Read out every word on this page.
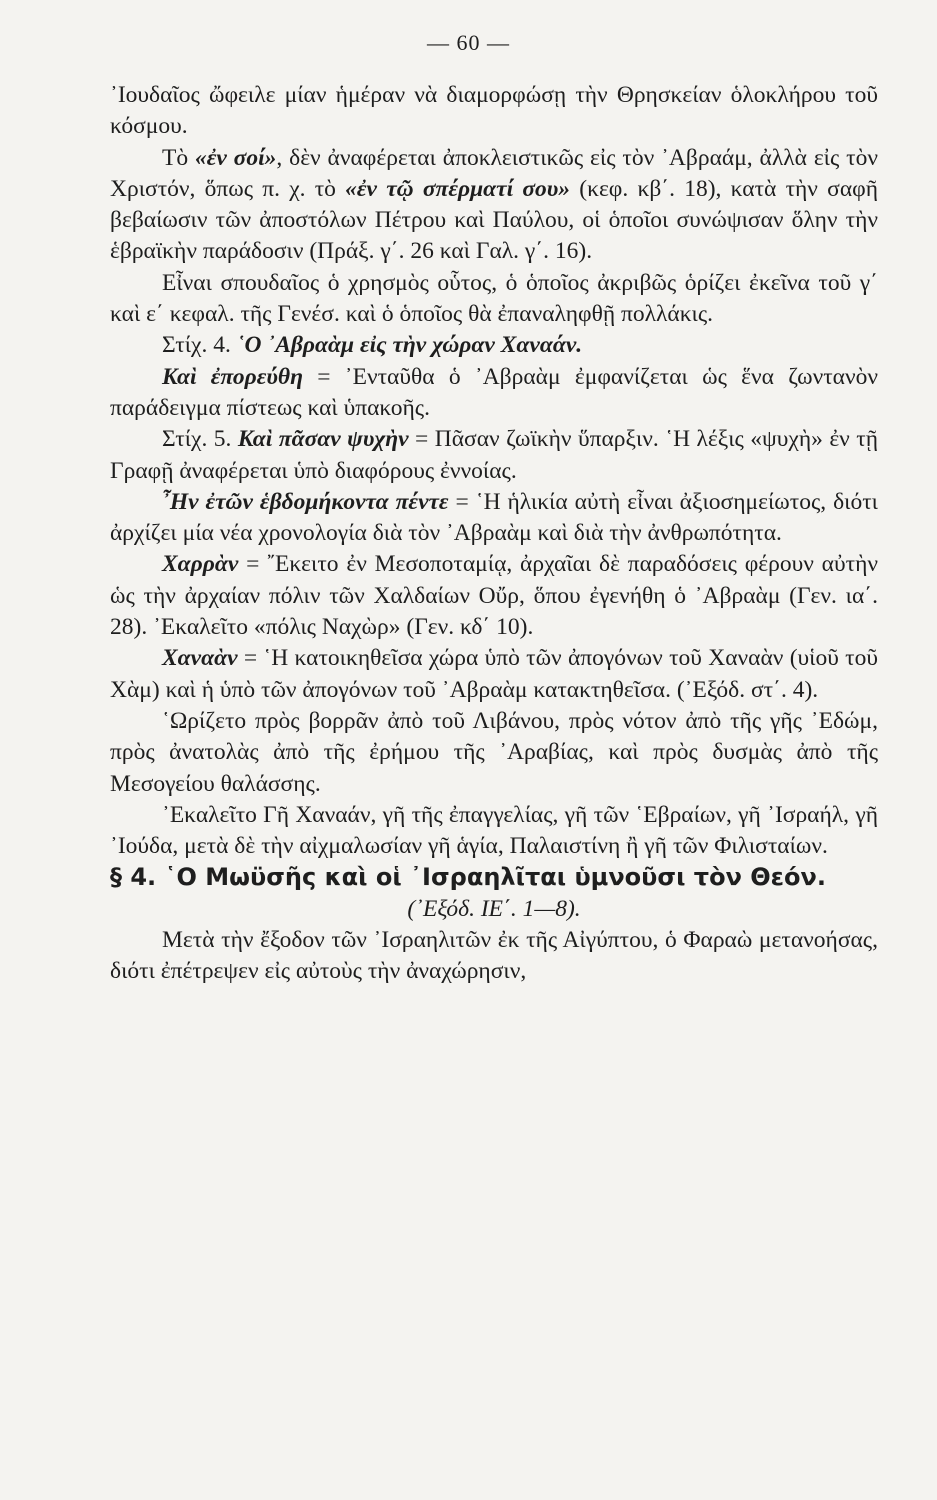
— 60 —

᾿Ιουδαῖος ὤφειλε μίαν ἡμέραν νὰ διαμορφώσῃ τὴν Θρησκείαν ὁλοκλήρου τοῦ κόσμου.

Τὸ «ἐν σοί», δὲν ἀναφέρεται ἀποκλειστικῶς εἰς τὸν ᾿Αβραάμ, ἀλλὰ εἰς τὸν Χριστόν, ὅπως π. χ. τὸ «ἐν τῷ σπέρματί σου» (κεφ. κβ΄. 18), κατὰ τὴν σαφῆ βεβαίωσιν τῶν ἀποστόλων Πέτρου καὶ Παύλου, οἱ ὁποῖοι συνώψισαν ὅλην τὴν ἑβραϊκὴν παράδοσιν (Πράξ. γ΄. 26 καὶ Γαλ. γ΄. 16).

Εἶναι σπουδαῖος ὁ χρησμὸς οὗτος, ὁ ὁποῖος ἀκριβῶς ὁρίζει ἐκεῖνα τοῦ γ΄ καὶ ε΄ κεφαλ. τῆς Γενέσ. καὶ ὁ ὁποῖος θὰ ἐπαναληφθῇ πολλάκις.

Στίχ. 4. ῾Ο ᾿Αβραὰμ εἰς τὴν χώραν Χαναάν.

Καὶ ἐπορεύθη = ᾿Ενταῦθα ὁ ᾿Αβραὰμ ἐμφανίζεται ὡς ἕνα ζωντανὸν παράδειγμα πίστεως καὶ ὑπακοῆς.

Στίχ. 5. Καὶ πᾶσαν ψυχὴν = Πᾶσαν ζωϊκὴν ὕπαρξιν. ῾Η λέξις «ψυχὴ» ἐν τῇ Γραφῇ ἀναφέρεται ὑπὸ διαφόρους ἐννοίας.

῏Ην ἐτῶν ἑβδομήκοντα πέντε = ῾Η ἡλικία αὐτὴ εἶναι ἀξιοσημείωτος, διότι ἀρχίζει μία νέα χρονολογία διὰ τὸν ᾿Αβραὰμ καὶ διὰ τὴν ἀνθρωπότητα.

Χαρρὰν = ῎Εκειτο ἐν Μεσοποταμίᾳ, ἀρχαῖαι δὲ παραδόσεις φέρουν αὐτὴν ὡς τὴν ἀρχαίαν πόλιν τῶν Χαλδαίων Οὔρ, ὅπου ἐγενήθη ὁ ᾿Αβραὰμ (Γεν. ια΄. 28). ᾿Εκαλεῖτο «πόλις Ναχὼρ» (Γεν. κδ΄ 10).

Χαναὰν = ῾Η κατοικηθεῖσα χώρα ὑπὸ τῶν ἀπογόνων τοῦ Χαναὰν (υἱοῦ τοῦ Χὰμ) καὶ ἡ ὑπὸ τῶν ἀπογόνων τοῦ ᾿Αβραὰμ κατακτηθεῖσα. (᾿Εξόδ. στ΄. 4).

῾Ωρίζετο πρὸς βορρᾶν ἀπὸ τοῦ Λιβάνου, πρὸς νότον ἀπὸ τῆς γῆς ᾿Εδώμ, πρὸς ἀνατολὰς ἀπὸ τῆς ἐρήμου τῆς ᾿Αραβίας, καὶ πρὸς δυσμὰς ἀπὸ τῆς Μεσογείου θαλάσσης.

᾿Εκαλεῖτο Γῆ Χαναάν, γῆ τῆς ἐπαγγελίας, γῆ τῶν ῾Εβραίων, γῆ ᾿Ισραήλ, γῆ ᾿Ιούδα, μετὰ δὲ τὴν αἰχμαλωσίαν γῆ ἁγία, Παλαιστίνη ἢ γῆ τῶν Φιλισταίων.

§ 4. ῾Ο Μωϋσῆς καὶ οἱ ᾿Ισραηλῖται ὑμνοῦσι τὸν Θεόν.

(᾿Εξόδ. ΙΕ΄. 1—8).

Μετὰ τὴν ἔξοδον τῶν ᾿Ισραηλιτῶν ἐκ τῆς Αἰγύπτου, ὁ Φαραὼ μετανοήσας, διότι ἐπέτρεψεν εἰς αὐτοὺς τὴν ἀναχώρησιν,
